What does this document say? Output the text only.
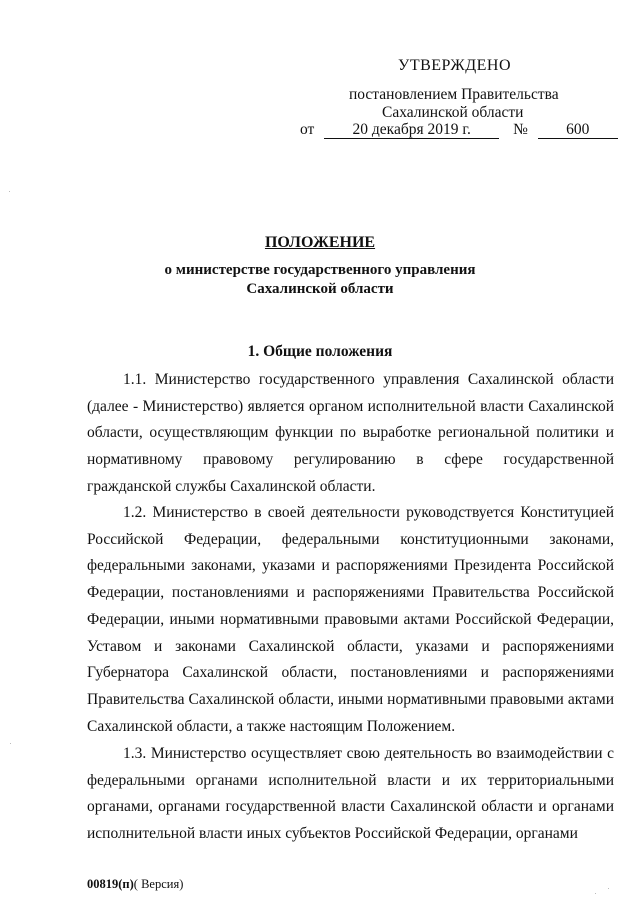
УТВЕРЖДЕНО
постановлением Правительства
Сахалинской области
от 20 декабря 2019 г.	№ 600
ПОЛОЖЕНИЕ
о министерстве государственного управления
Сахалинской области
1. Общие положения
1.1. Министерство государственного управления Сахалинской области (далее - Министерство) является органом исполнительной власти Сахалинской области, осуществляющим функции по выработке региональной политики и нормативному правовому регулированию в сфере государственной гражданской службы Сахалинской области.
1.2. Министерство в своей деятельности руководствуется Конституцией Российской Федерации, федеральными конституционными законами, федеральными законами, указами и распоряжениями Президента Российской Федерации, постановлениями и распоряжениями Правительства Российской Федерации, иными нормативными правовыми актами Российской Федерации, Уставом и законами Сахалинской области, указами и распоряжениями Губернатора Сахалинской области, постановлениями и распоряжениями Правительства Сахалинской области, иными нормативными правовыми актами Сахалинской области, а также настоящим Положением.
1.3. Министерство осуществляет свою деятельность во взаимодействии с федеральными органами исполнительной власти и их территориальными органами, органами государственной власти Сахалинской области и органами исполнительной власти иных субъектов Российской Федерации, органами
00819(п)( Версия)
